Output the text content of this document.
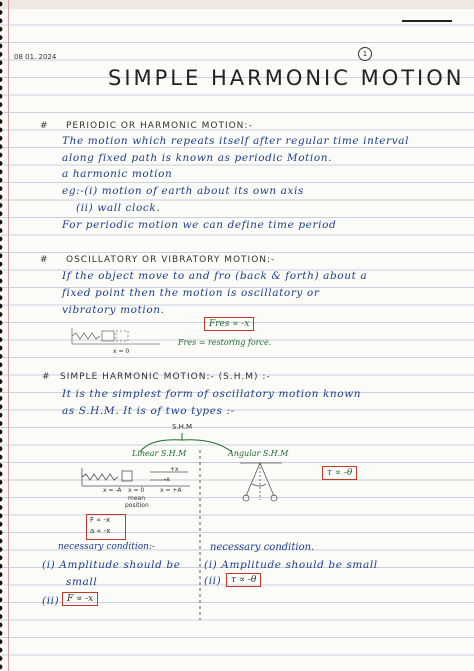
08 01. 2024	1
SIMPLE HARMONIC MOTION
# PERIODIC OR HARMONIC MOTION:-
The motion which repeats itself after regular time interval
along fixed path is known as periodic Motion.
a harmonic motion
eg:-(i) motion of earth about its own axis
(ii) wall clock.
For periodic motion we can define time period
# OSCILLATORY OR VIBRATORY MOTION:-
If the object move to and fro (back & forth) about a
fixed point then the motion is oscillatory or
vibratory motion.
Fres ∝ -x
Fres = restoring force.
x = 0
# SIMPLE HARMONIC MOTION:- (S.H.M) :-
It is the simplest form of oscillatory motion known
as S.H.M. It is of two types :-
S.H.M
Linear S.H.M	Angular S.H.M
+x
-x
x = -A x = 0	x = +A
mean
position
τ ∝ -θ
F ∝ -x
a ∝ -x
necessary condition:-
(i) Amplitude should be
small
(ii) F ∝ -x
necessary condition.
(i) Amplitude should be small
(ii)	τ ∝ -θ
